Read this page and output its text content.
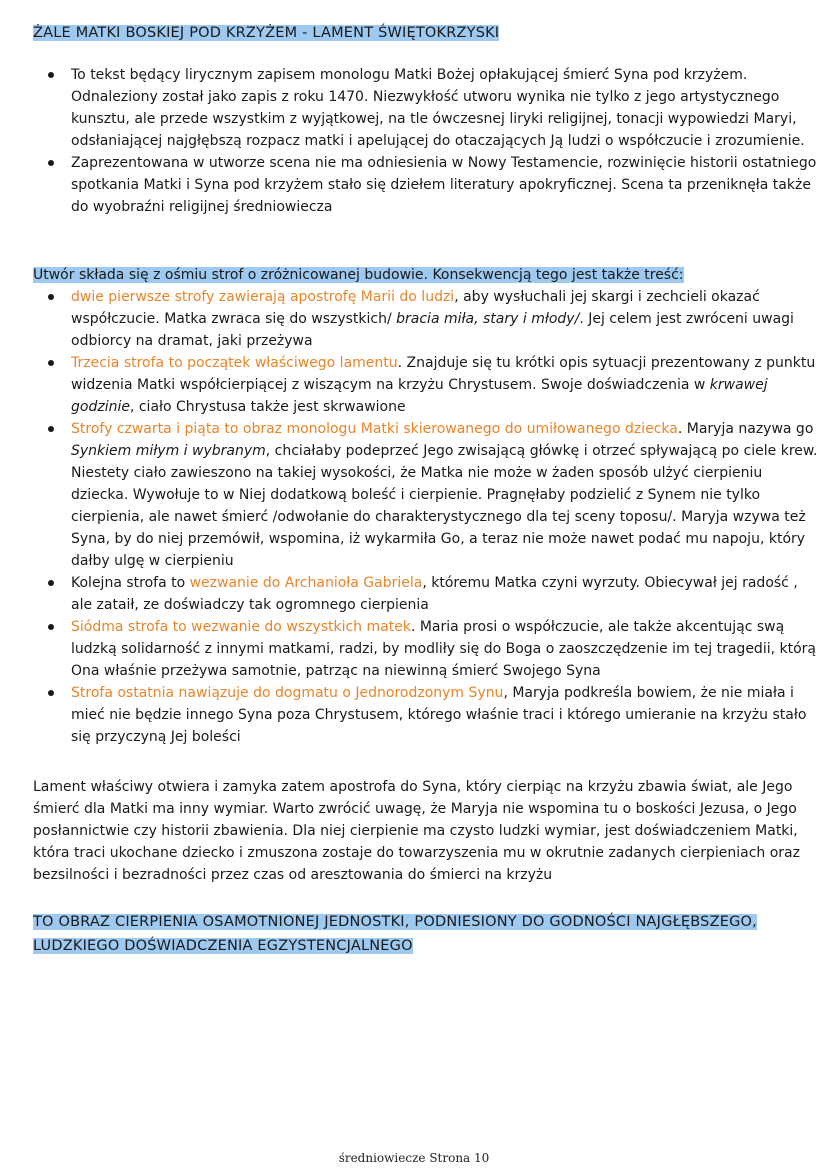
ŻALE MATKI BOSKIEJ POD KRZYŻEM - LAMENT ŚWIĘTOKRZYSKI
To tekst będący lirycznym zapisem monologu Matki Bożej opłakującej śmierć Syna pod krzyżem. Odnaleziony został jako zapis z roku 1470. Niezwykłość utworu wynika nie tylko z jego artystycznego kunsztu, ale przede wszystkim z wyjątkowej, na tle ówczesnej liryki religijnej, tonacji wypowiedzi Maryi, odsłaniającej najgłębszą rozpacz matki i apelującej do otaczających Ją ludzi o współczucie i zrozumienie.
Zaprezentowana w utworze scena nie ma odniesienia w Nowy Testamencie, rozwinięcie historii ostatniego spotkania Matki i Syna pod krzyżem stało się dziełem literatury apokryficznej. Scena ta przeniknęła także do wyobraźni religijnej średniowiecza
Utwór składa się z ośmiu strof o zróżnicowanej budowie. Konsekwencją tego jest także treść:
dwie pierwsze strofy zawierają apostrofę Marii do ludzi, aby wysłuchali jej skargi i zechcieli okazać współczucie. Matka zwraca się do wszystkich/ bracia miła, stary i młody/. Jej celem jest zwróceni uwagi odbiorcy na dramat, jaki przeżywa
Trzecia strofa to początek właściwego lamentu. Znajduje się tu krótki opis sytuacji prezentowany z punktu widzenia Matki współcierpiącej z wiszącym na krzyżu Chrystusem. Swoje doświadczenia w krwawej godzinie, ciało Chrystusa także jest skrwawione
Strofy czwarta i piąta to obraz monologu Matki skierowanego do umiłowanego dziecka. Maryja nazywa go Synkiem miłym i wybranym, chciałaby podeprzeć Jego zwisającą główkę i otrzeć spływającą po ciele krew. Niestety ciało zawieszono na takiej wysokości, że Matka nie może w żaden sposób ulżyć cierpieniu dziecka. Wywołuje to w Niej dodatkową boleść i cierpienie. Pragnęłaby podzielić z Synem nie tylko cierpienia, ale nawet śmierć /odwołanie do charakterystycznego dla tej sceny toposu/. Maryja wzywa też Syna, by do niej przemówił, wspomina, iż wykarmiła Go, a teraz nie może nawet podać mu napoju, który dałby ulgę w cierpieniu
Kolejna strofa to wezwanie do Archanioła Gabriela, któremu Matka czyni wyrzuty. Obiecywał jej radość , ale zataił, ze doświadczy tak ogromnego cierpienia
Siódma strofa to wezwanie do wszystkich matek. Maria prosi o współczucie, ale także akcentując swą ludzką solidarność z innymi matkami, radzi, by modliły się do Boga o zaoszczędzenie im tej tragedii, którą Ona właśnie przeżywa samotnie, patrząc na niewinną śmierć Swojego Syna
Strofa ostatnia nawiązuje do dogmatu o Jednorodzonym Synu, Maryja podkreśla bowiem, że nie miała i mieć nie będzie innego Syna poza Chrystusem, którego właśnie traci i którego umieranie na krzyżu stało się przyczyną Jej boleści
Lament właściwy otwiera i zamyka zatem apostrofa do Syna, który cierpiąc na krzyżu zbawia świat, ale Jego śmierć dla Matki ma inny wymiar. Warto zwrócić uwagę, że Maryja nie wspomina tu o boskości Jezusa, o Jego posłannictwie czy historii zbawienia. Dla niej cierpienie ma czysto ludzki wymiar, jest doświadczeniem Matki, która traci ukochane dziecko i zmuszona zostaje do towarzyszenia mu w okrutnie zadanych cierpieniach oraz bezsilności i bezradności przez czas od aresztowania do śmierci na krzyżu
TO OBRAZ CIERPIENIA OSAMOTNIONEJ JEDNOSTKI, PODNIESIONY DO GODNOŚCI NAJGŁĘBSZEGO, LUDZKIEGO DOŚWIADCZENIA EGZYSTENCJALNEGO
średniowiecze Strona 10
